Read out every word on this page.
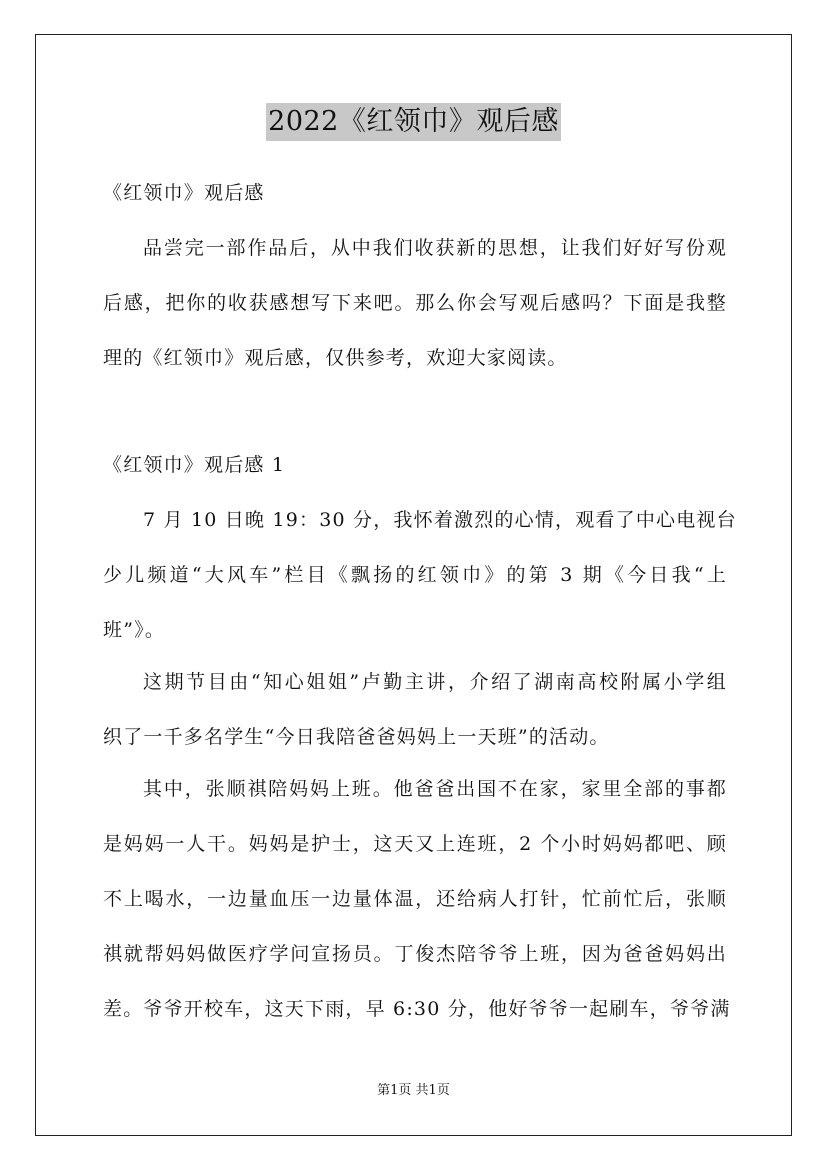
2022《红领巾》观后感

《红领巾》观后感

品尝完一部作品后，从中我们收获新的思想，让我们好好写份观

后感，把你的收获感想写下来吧。那么你会写观后感吗？下面是我整

理的《红领巾》观后感，仅供参考，欢迎大家阅读。

《红领巾》观后感 1

7 月 10 日晚 19：30 分，我怀着激烈的心情，观看了中心电视台

少儿频道“大风车”栏目《飘扬的红领巾》的第 3 期《今日我“上

班”》。

这期节目由“知心姐姐”卢勤主讲，介绍了湖南高校附属小学组

织了一千多名学生“今日我陪爸爸妈妈上一天班”的活动。

其中，张顺祺陪妈妈上班。他爸爸出国不在家，家里全部的事都

是妈妈一人干。妈妈是护士，这天又上连班，2 个小时妈妈都吧、顾

不上喝水，一边量血压一边量体温，还给病人打针，忙前忙后，张顺

祺就帮妈妈做医疗学问宣扬员。丁俊杰陪爷爷上班，因为爸爸妈妈出

差。爷爷开校车，这天下雨，早 6:30 分，他好爷爷一起刷车，爷爷满

第1页 共1页
